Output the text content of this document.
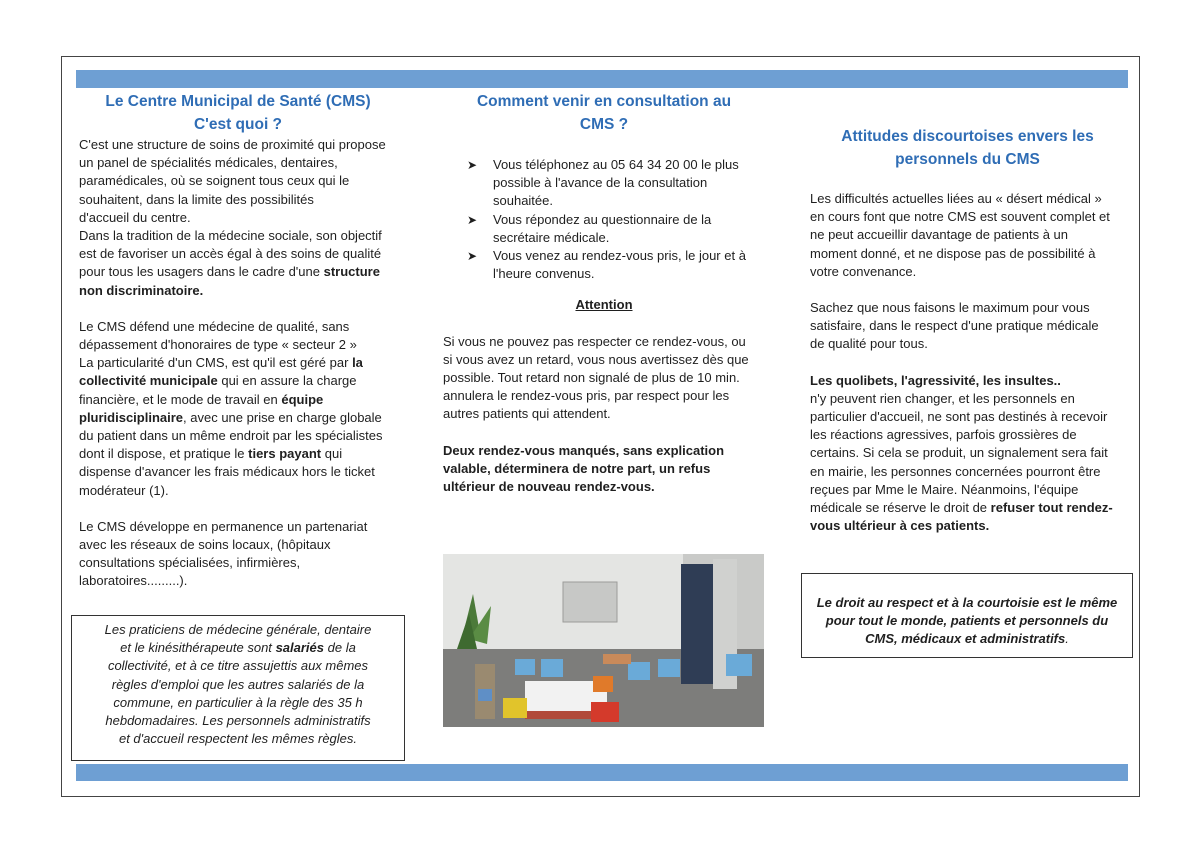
Le Centre Municipal de Santé (CMS)
C'est quoi ?

C'est une structure de soins de proximité qui propose
un panel de spécialités médicales, dentaires,
paramédicales, où se soignent tous ceux qui le
souhaitent, dans la limite des possibilités
d'accueil du centre.
Dans la tradition de la médecine sociale, son objectif
est de favoriser un accès égal à des soins de qualité
pour tous les usagers dans le cadre d'une structure
non discriminatoire.

Le CMS défend une médecine de qualité, sans
dépassement d'honoraires de type « secteur 2 »
La particularité d'un CMS, est qu'il est géré par la
collectivité municipale qui en assure la charge
financière, et le mode de travail en équipe
pluridisciplinaire, avec une prise en charge globale
du patient dans un même endroit par les spécialistes
dont il dispose, et pratique le tiers payant qui
dispense d'avancer les frais médicaux hors le ticket
modérateur (1).

Le CMS développe en permanence un partenariat
avec les réseaux de soins locaux, (hôpitaux
consultations spécialisées, infirmières,
laboratoires.........).

Les praticiens de médecine générale, dentaire
et le kinésithérapeute sont salariés de la
collectivité, et à ce titre assujettis aux mêmes
règles d'emploi que les autres salariés de la
commune, en particulier à la règle des 35 h
hebdomadaires. Les personnels administratifs
et d'accueil respectent les mêmes règles.
Comment venir en consultation au
CMS ?
➤ Vous téléphonez au 05 64 34 20 00 le plus
possible à l'avance de la consultation
souhaitée.
➤ Vous répondez au questionnaire de la
secrétaire médicale.
➤ Vous venez au rendez-vous pris, le jour et à
l'heure convenus.

Attention

Si vous ne pouvez pas respecter ce rendez-vous, ou
si vous avez un retard, vous nous avertissez dès que
possible. Tout retard non signalé de plus de 10 min.
annulera le rendez-vous pris, par respect pour les
autres patients qui attendent.

Deux rendez-vous manqués, sans explication
valable, déterminera de notre part, un refus
ultérieur de nouveau rendez-vous.

Attitudes discourtoises envers les
personnels du CMS

Les difficultés actuelles liées au « désert médical »
en cours font que notre CMS est souvent complet et
ne peut accueillir davantage de patients à un
moment donné, et ne dispose pas de possibilité à
votre convenance.

Sachez que nous faisons le maximum pour vous
satisfaire, dans le respect d'une pratique médicale
de qualité pour tous.

Les quolibets, l'agressivité, les insultes..
n'y peuvent rien changer, et les personnels en
particulier d'accueil, ne sont pas destinés à recevoir
les réactions agressives, parfois grossières de
certains. Si cela se produit, un signalement sera fait
en mairie, les personnes concernées pourront être
reçues par Mme le Maire. Néanmoins, l'équipe
médicale se réserve le droit de refuser tout rendez-
vous ultérieur à ces patients.

Le droit au respect et à la courtoisie est le même
pour tout le monde, patients et personnels du
CMS, médicaux et administratifs.
